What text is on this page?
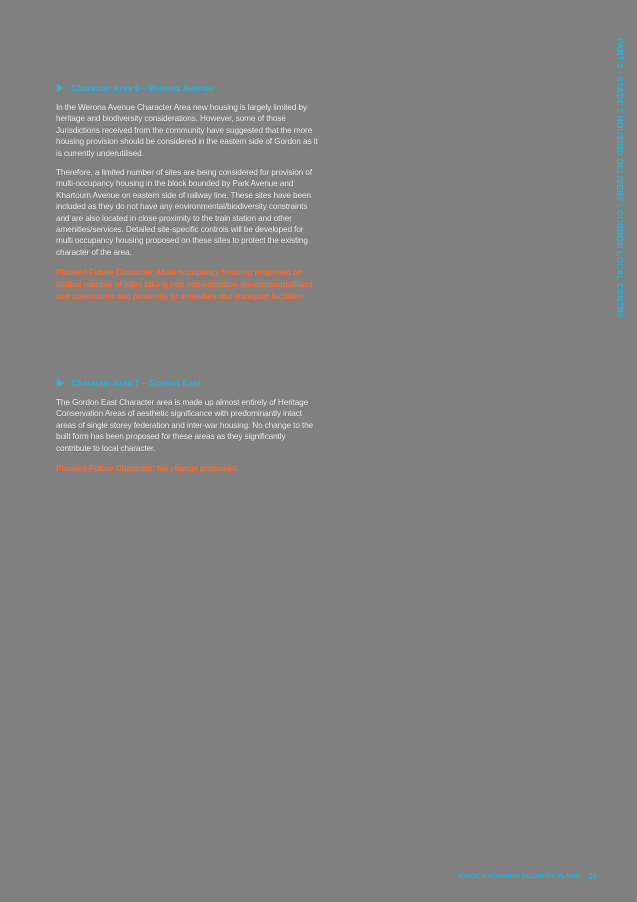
Character Area 6 – Werona Avenue

In the Werona Avenue Character Area new housing is largely limited by heritage and biodiversity considerations. However, some of those Jurisdictions received from the community have suggested that the more housing provision should be considered in the eastern side of Gordon as it is currently underutilised.

Therefore, a limited number of sites are being considered for provision of multi-occupancy housing in the block bounded by Park Avenue and Khartoum Avenue on eastern side of railway line. These sites have been included as they do not have any environmental/biodiversity constraints and are also located in close proximity to the train station and other amenities/services. Detailed site-specific controls will be developed for multi occupancy housing proposed on these sites to protect the existing character of the area.

Planned Future Character: Multi occupancy housing proposed on limited number of sites taking into consideration environmental/land use constraints and proximity to amenities and transport facilities.

Character Area 7 – Gordon East

The Gordon East Character area is made up almost entirely of Heritage Conservation Areas of aesthetic significance with predominantly intact areas of single storey federation and inter-war housing. No change to the built form has been proposed for these areas as they significantly contribute to local character.

Planned Future Character: No change proposed.

PART 2 - STAGE 2 HOUSING DELIVERY - GORDON LOCAL CENTRE
STAGE 2 HOUSING DELIVERY PLANS 25
